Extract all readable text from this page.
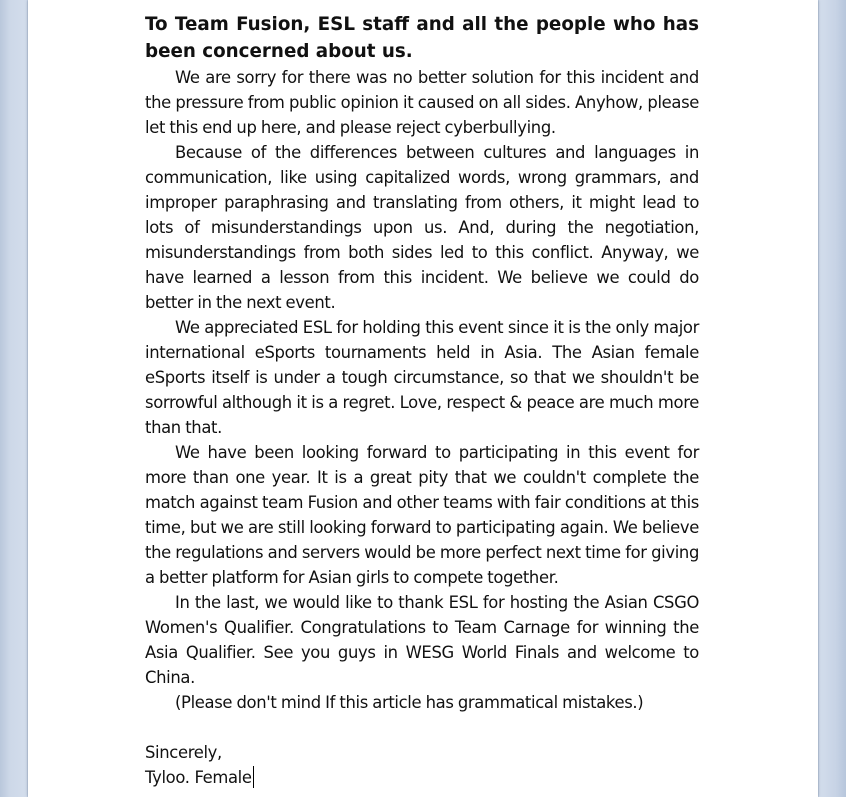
To Team Fusion, ESL staff and all the people who has been concerned about us.

We are sorry for there was no better solution for this incident and the pressure from public opinion it caused on all sides. Anyhow, please let this end up here, and please reject cyberbullying.

Because of the differences between cultures and languages in communication, like using capitalized words, wrong grammars, and improper paraphrasing and translating from others, it might lead to lots of misunderstandings upon us. And, during the negotiation, misunderstandings from both sides led to this conflict. Anyway, we have learned a lesson from this incident. We believe we could do better in the next event.

We appreciated ESL for holding this event since it is the only major international eSports tournaments held in Asia. The Asian female eSports itself is under a tough circumstance, so that we shouldn't be sorrowful although it is a regret. Love, respect & peace are much more than that.

We have been looking forward to participating in this event for more than one year. It is a great pity that we couldn't complete the match against team Fusion and other teams with fair conditions at this time, but we are still looking forward to participating again. We believe the regulations and servers would be more perfect next time for giving a better platform for Asian girls to compete together.

In the last, we would like to thank ESL for hosting the Asian CSGO Women's Qualifier. Congratulations to Team Carnage for winning the Asia Qualifier. See you guys in WESG World Finals and welcome to China.

(Please don't mind If this article has grammatical mistakes.)

Sincerely,

Tyloo. Female
